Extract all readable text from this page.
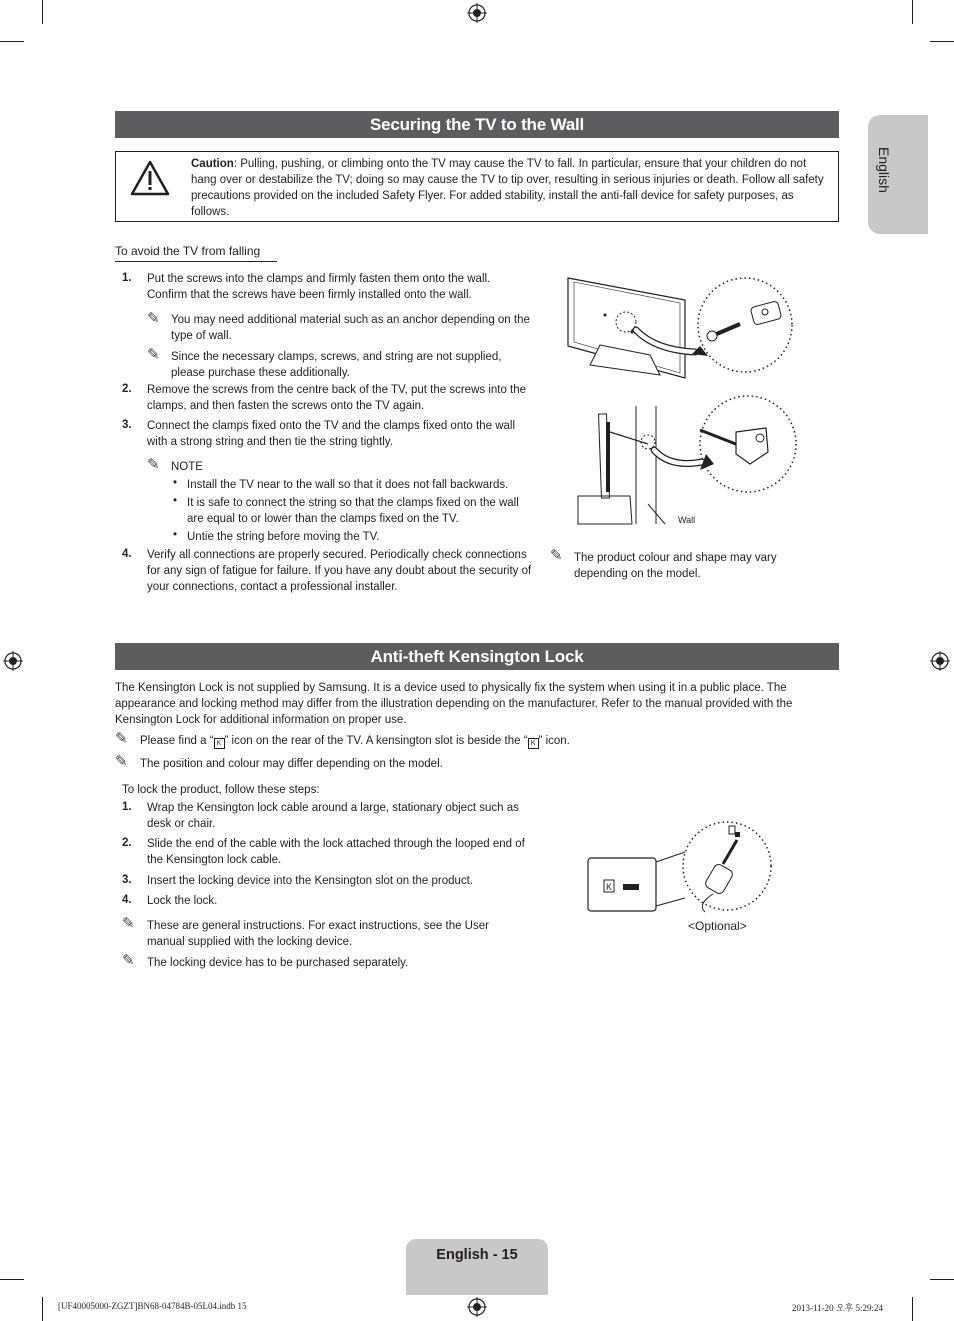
English
Securing the TV to the Wall
Caution: Pulling, pushing, or climbing onto the TV may cause the TV to fall. In particular, ensure that your children do not hang over or destabilize the TV; doing so may cause the TV to tip over, resulting in serious injuries or death. Follow all safety precautions provided on the included Safety Flyer. For added stability, install the anti-fall device for safety purposes, as follows.
To avoid the TV from falling
1. Put the screws into the clamps and firmly fasten them onto the wall. Confirm that the screws have been firmly installed onto the wall.
✎ You may need additional material such as an anchor depending on the type of wall.
✎ Since the necessary clamps, screws, and string are not supplied, please purchase these additionally.
2. Remove the screws from the centre back of the TV, put the screws into the clamps, and then fasten the screws onto the TV again.
3. Connect the clamps fixed onto the TV and the clamps fixed onto the wall with a strong string and then tie the string tightly.
✎ NOTE
• Install the TV near to the wall so that it does not fall backwards.
• It is safe to connect the string so that the clamps fixed on the wall are equal to or lower than the clamps fixed on the TV.
• Untie the string before moving the TV.
4. Verify all connections are properly secured. Periodically check connections for any sign of fatigue for failure. If you have any doubt about the security of your connections, contact a professional installer.
Wall
✎ The product colour and shape may vary depending on the model.
Anti-theft Kensington Lock
The Kensington Lock is not supplied by Samsung. It is a device used to physically fix the system when using it in a public place. The appearance and locking method may differ from the illustration depending on the manufacturer. Refer to the manual provided with the Kensington Lock for additional information on proper use.
✎ Please find a “ K ” icon on the rear of the TV. A kensington slot is beside the “ K ” icon.
✎ The position and colour may differ depending on the model.
To lock the product, follow these steps:
1. Wrap the Kensington lock cable around a large, stationary object such as desk or chair.
2. Slide the end of the cable with the lock attached through the looped end of the Kensington lock cable.
3. Insert the locking device into the Kensington slot on the product.
4. Lock the lock.
✎ These are general instructions. For exact instructions, see the User manual supplied with the locking device.
✎ The locking device has to be purchased separately.
K
<Optional>
English - 15
[UF40005000-ZGZT]BN68-04784B-05L04.indb 15	2013-11-20 오후 5:29:24
